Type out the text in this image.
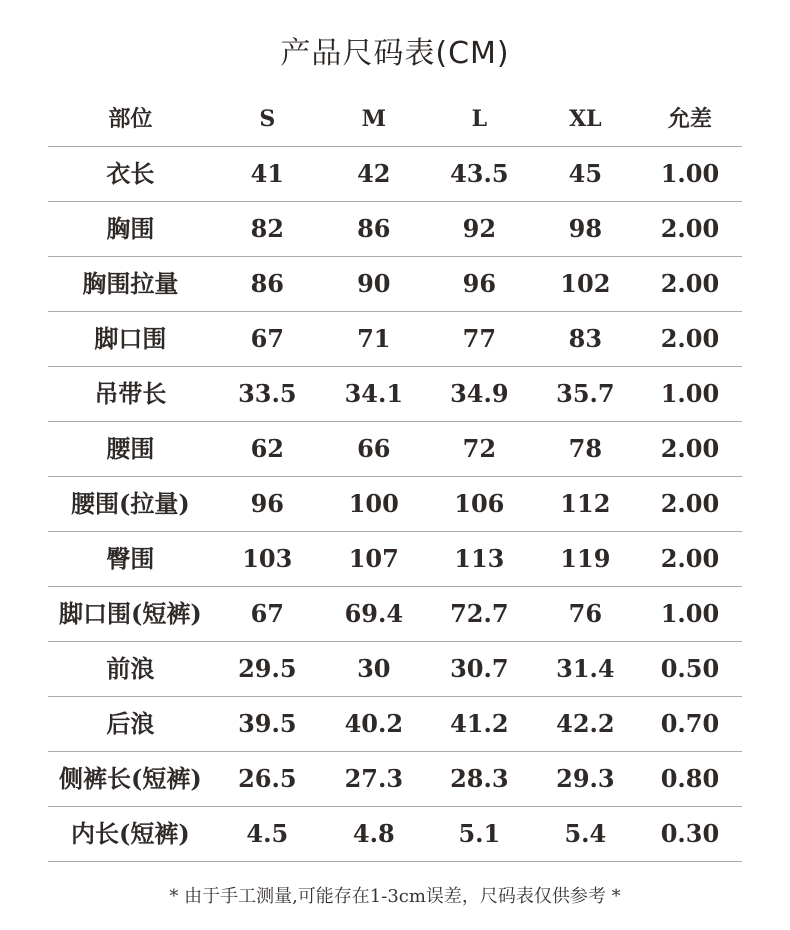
产品尺码表(CM)
部位	S	M	L	XL	允差
衣长	41	42	43.5	45	1.00
胸围	82	86	92	98	2.00
胸围拉量	86	90	96	102	2.00
脚口围	67	71	77	83	2.00
吊带长	33.5	34.1	34.9	35.7	1.00
腰围	62	66	72	78	2.00
腰围(拉量)	96	100	106	112	2.00
臀围	103	107	113	119	2.00
脚口围(短裤)	67	69.4	72.7	76	1.00
前浪	29.5	30	30.7	31.4	0.50
后浪	39.5	40.2	41.2	42.2	0.70
侧裤长(短裤)	26.5	27.3	28.3	29.3	0.80
内长(短裤)	4.5	4.8	5.1	5.4	0.30
* 由于手工测量,可能存在1-3cm误差，尺码表仅供参考 *
